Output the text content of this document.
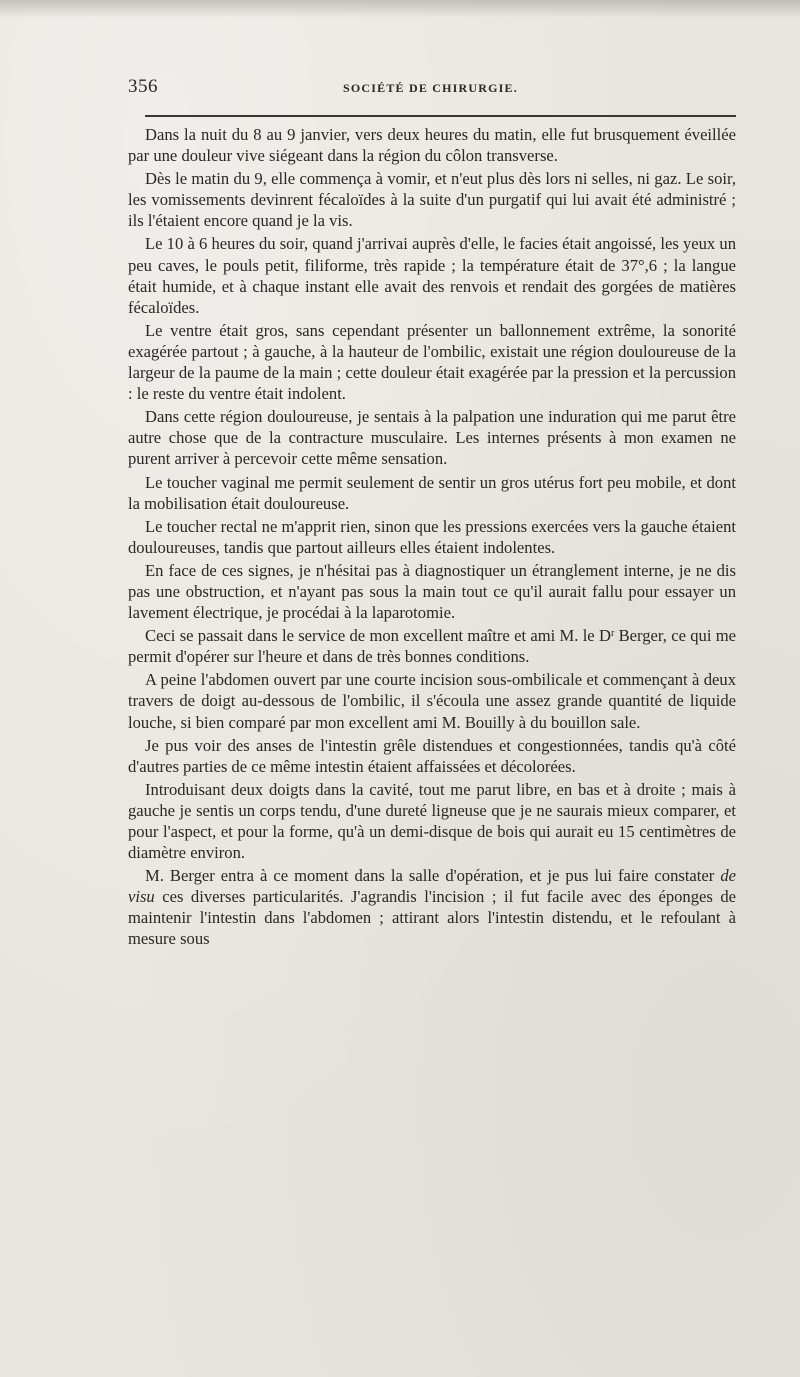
356	SOCIÉTÉ DE CHIRURGIE.

Dans la nuit du 8 au 9 janvier, vers deux heures du matin, elle fut brusquement éveillée par une douleur vive siégeant dans la région du côlon transverse.

Dès le matin du 9, elle commença à vomir, et n'eut plus dès lors ni selles, ni gaz. Le soir, les vomissements devinrent fécaloïdes à la suite d'un purgatif qui lui avait été administré ; ils l'étaient encore quand je la vis.

Le 10 à 6 heures du soir, quand j'arrivai auprès d'elle, le facies était angoissé, les yeux un peu caves, le pouls petit, filiforme, très rapide ; la température était de 37°,6 ; la langue était humide, et à chaque instant elle avait des renvois et rendait des gorgées de matières fécaloïdes.

Le ventre était gros, sans cependant présenter un ballonnement extrême, la sonorité exagérée partout ; à gauche, à la hauteur de l'ombilic, existait une région douloureuse de la largeur de la paume de la main ; cette douleur était exagérée par la pression et la percussion : le reste du ventre était indolent.

Dans cette région douloureuse, je sentais à la palpation une induration qui me parut être autre chose que de la contracture musculaire. Les internes présents à mon examen ne purent arriver à percevoir cette même sensation.

Le toucher vaginal me permit seulement de sentir un gros utérus fort peu mobile, et dont la mobilisation était douloureuse.

Le toucher rectal ne m'apprit rien, sinon que les pressions exercées vers la gauche étaient douloureuses, tandis que partout ailleurs elles étaient indolentes.

En face de ces signes, je n'hésitai pas à diagnostiquer un étranglement interne, je ne dis pas une obstruction, et n'ayant pas sous la main tout ce qu'il aurait fallu pour essayer un lavement électrique, je procédai à la laparotomie.

Ceci se passait dans le service de mon excellent maître et ami M. le $D^r$ Berger, ce qui me permit d'opérer sur l'heure et dans de très bonnes conditions.

A peine l'abdomen ouvert par une courte incision sous-ombilicale et commençant à deux travers de doigt au-dessous de l'ombilic, il s'écoula une assez grande quantité de liquide louche, si bien comparé par mon excellent ami M. Bouilly à du bouillon sale.

Je pus voir des anses de l'intestin grêle distendues et congestionnées, tandis qu'à côté d'autres parties de ce même intestin étaient affaissées et décolorées.

Introduisant deux doigts dans la cavité, tout me parut libre, en bas et à droite ; mais à gauche je sentis un corps tendu, d'une dureté ligneuse que je ne saurais mieux comparer, et pour l'aspect, et pour la forme, qu'à un demi-disque de bois qui aurait eu 15 centimètres de diamètre environ.

M. Berger entra à ce moment dans la salle d'opération, et je pus lui faire constater de visu ces diverses particularités. J'agrandis l'incision ; il fut facile avec des éponges de maintenir l'intestin dans l'abdomen ; attirant alors l'intestin distendu, et le refoulant à mesure sous
